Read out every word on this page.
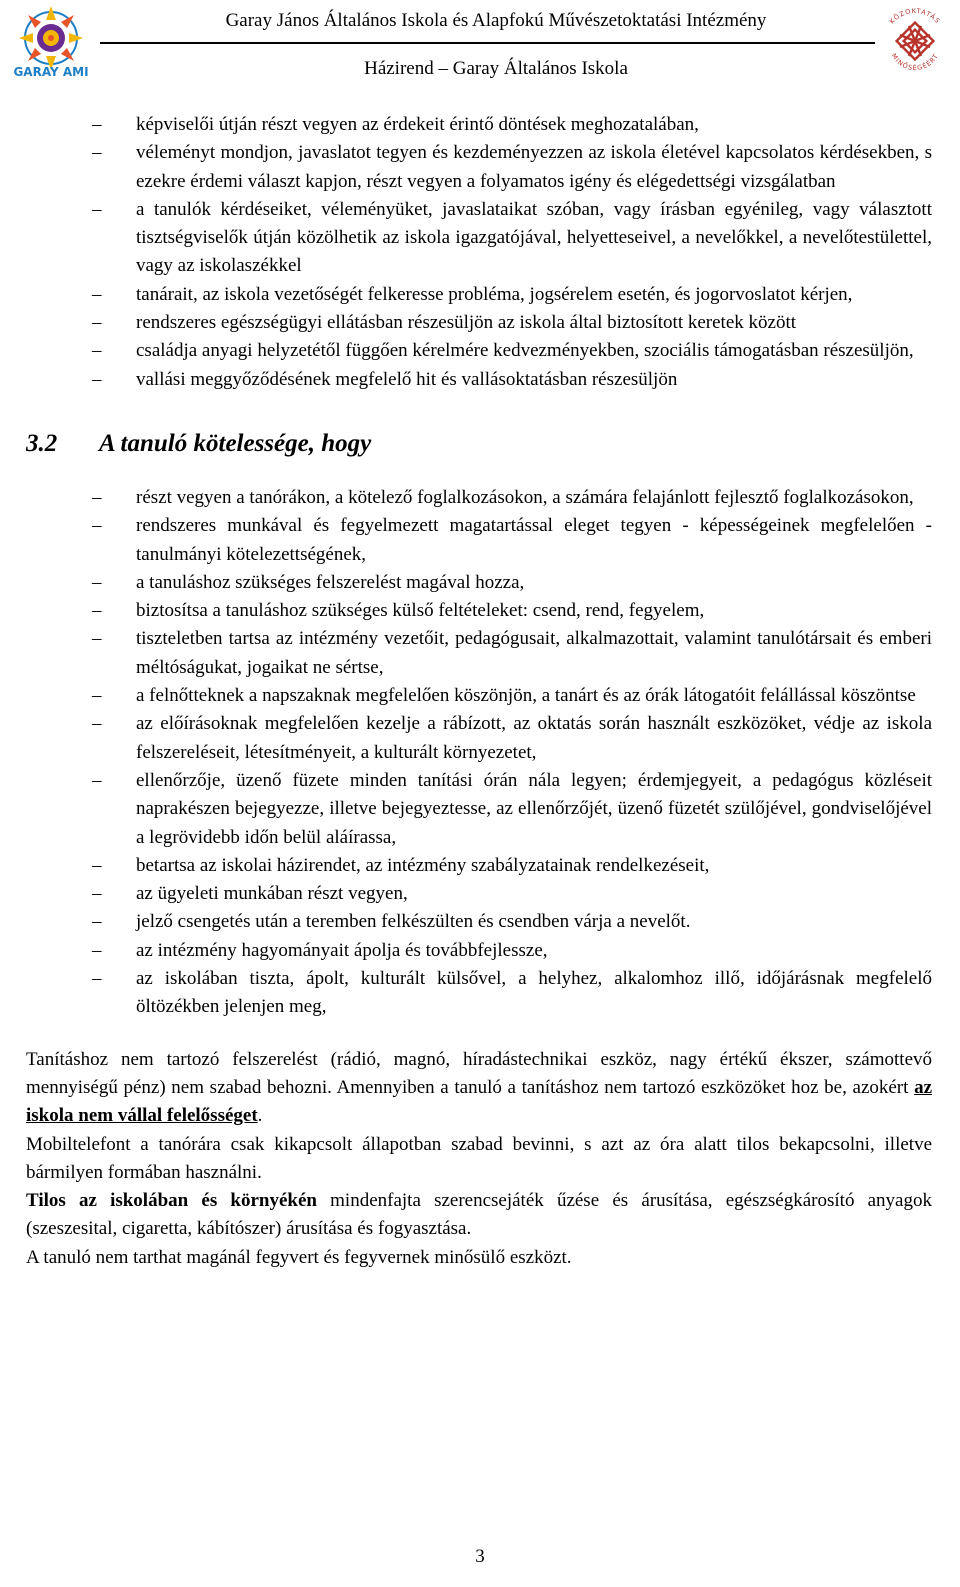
GARAY AMI
Garay János Általános Iskola és Alapfokú Művészetoktatási Intézmény
Házirend – Garay Általános Iskola
KÖZOKTATÁS
MINŐSÉGÉÉRT
– képviselői útján részt vegyen az érdekeit érintő döntések meghozatalában,
– véleményt mondjon, javaslatot tegyen és kezdeményezzen az iskola életével kapcsolatos kérdésekben, s ezekre érdemi választ kapjon, részt vegyen a folyamatos igény és elégedettségi vizsgálatban
– a tanulók kérdéseiket, véleményüket, javaslataikat szóban, vagy írásban egyénileg, vagy választott tisztségviselők útján közölhetik az iskola igazgatójával, helyetteseivel, a nevelőkkel, a nevelőtestülettel, vagy az iskolaszékkel
– tanárait, az iskola vezetőségét felkeresse probléma, jogsérelem esetén, és jogorvoslatot kérjen,
– rendszeres egészségügyi ellátásban részesüljön az iskola által biztosított keretek között
– családja anyagi helyzetétől függően kérelmére kedvezményekben, szociális támogatásban részesüljön,
– vallási meggyőződésének megfelelő hit és vallásoktatásban részesüljön
3.2 A tanuló kötelessége, hogy
– részt vegyen a tanórákon, a kötelező foglalkozásokon, a számára felajánlott fejlesztő foglalkozásokon,
– rendszeres munkával és fegyelmezett magatartással eleget tegyen - képességeinek megfelelően - tanulmányi kötelezettségének,
– a tanuláshoz szükséges felszerelést magával hozza,
– biztosítsa a tanuláshoz szükséges külső feltételeket: csend, rend, fegyelem,
– tiszteletben tartsa az intézmény vezetőit, pedagógusait, alkalmazottait, valamint tanulótársait és emberi méltóságukat, jogaikat ne sértse,
– a felnőtteknek a napszaknak megfelelően köszönjön, a tanárt és az órák látogatóit felállással köszöntse
– az előírásoknak megfelelően kezelje a rábízott, az oktatás során használt eszközöket, védje az iskola felszereléseit, létesítményeit, a kulturált környezetet,
– ellenőrzője, üzenő füzete minden tanítási órán nála legyen; érdemjegyeit, a pedagógus közléseit naprakészen bejegyezze, illetve bejegyeztesse, az ellenőrzőjét, üzenő füzetét szülőjével, gondviselőjével a legrövidebb időn belül aláírassa,
– betartsa az iskolai házirendet, az intézmény szabályzatainak rendelkezéseit,
– az ügyeleti munkában részt vegyen,
– jelző csengetés után a teremben felkészülten és csendben várja a nevelőt.
– az intézmény hagyományait ápolja és továbbfejlessze,
– az iskolában tiszta, ápolt, kulturált külsővel, a helyhez, alkalomhoz illő, időjárásnak megfelelő öltözékben jelenjen meg,

Tanításhoz nem tartozó felszerelést (rádió, magnó, híradástechnikai eszköz, nagy értékű ékszer, számottevő mennyiségű pénz) nem szabad behozni. Amennyiben a tanuló a tanításhoz nem tartozó eszközöket hoz be, azokért az iskola nem vállal felelősséget.

Mobiltelefont a tanórára csak kikapcsolt állapotban szabad bevinni, s azt az óra alatt tilos bekapcsolni, illetve bármilyen formában használni.

Tilos az iskolában és környékén mindenfajta szerencsejáték űzése és árusítása, egészségkárosító anyagok (szeszesital, cigaretta, kábítószer) árusítása és fogyasztása.

A tanuló nem tarthat magánál fegyvert és fegyvernek minősülő eszközt.

3
